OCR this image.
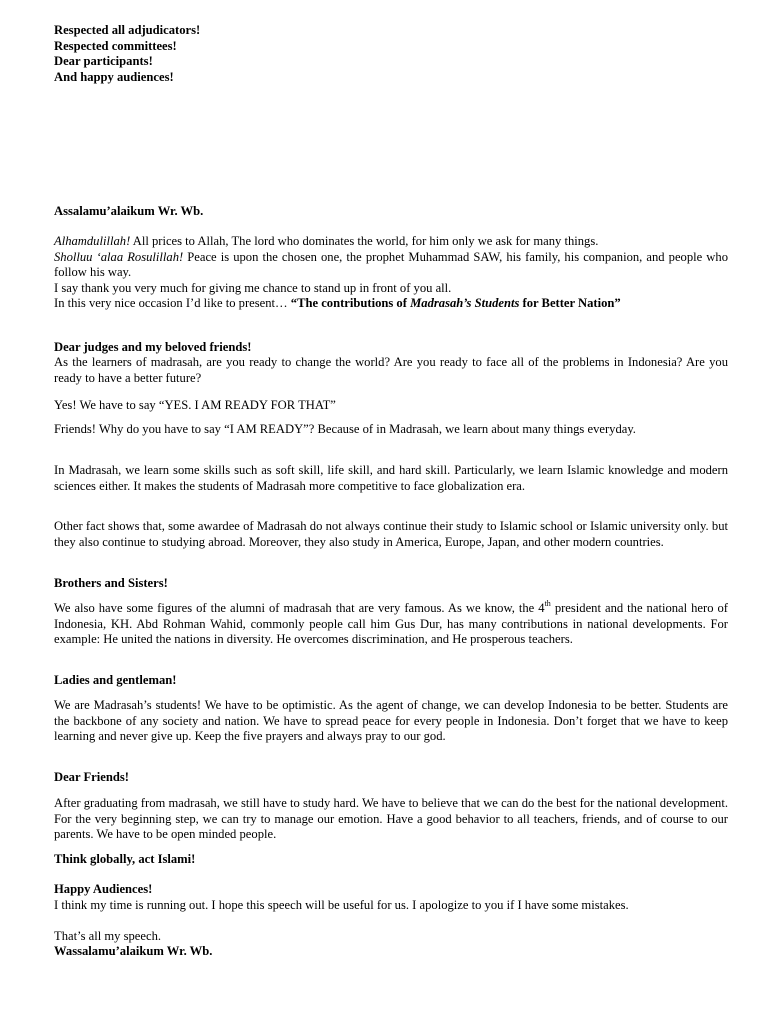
Respected all adjudicators!

Respected committees!

Dear participants!

And happy audiences!

Assalamu’alaikum Wr. Wb.

Alhamdulillah! All prices to Allah, The lord who dominates the world, for him only we ask for many things.

Sholluu ‘alaa Rosulillah! Peace is upon the chosen one, the prophet Muhammad SAW, his family, his companion, and people who follow his way.

I say thank you very much for giving me chance to stand up in front of you all.

In this very nice occasion I’d like to present… “The contributions of Madrasah’s Students for Better Nation”

Dear judges and my beloved friends!

As the learners of madrasah, are you ready to change the world? Are you ready to face all of the problems in Indonesia? Are you ready to have a better future?

Yes! We have to say “YES. I AM READY FOR THAT”

Friends! Why do you have to say “I AM READY”? Because of in Madrasah, we learn about many things everyday.

In Madrasah, we learn some skills such as soft skill, life skill, and hard skill. Particularly, we learn Islamic knowledge and modern sciences either. It makes the students of Madrasah more competitive to face globalization era.

Other fact shows that, some awardee of Madrasah do not always continue their study to Islamic school or Islamic university only. but they also continue to studying abroad. Moreover, they also study in America, Europe, Japan, and other modern countries.

Brothers and Sisters!

We also have some figures of the alumni of madrasah that are very famous. As we know, the 4th president and the national hero of Indonesia, KH. Abd Rohman Wahid, commonly people call him Gus Dur, has many contributions in national developments. For example: He united the nations in diversity. He overcomes discrimination, and He prosperous teachers.

Ladies and gentleman!

We are Madrasah’s students! We have to be optimistic. As the agent of change, we can develop Indonesia to be better. Students are the backbone of any society and nation. We have to spread peace for every people in Indonesia. Don’t forget that we have to keep learning and never give up. Keep the five prayers and always pray to our god.

Dear Friends!

After graduating from madrasah, we still have to study hard. We have to believe that we can do the best for the national development. For the very beginning step, we can try to manage our emotion. Have a good behavior to all teachers, friends, and of course to our parents. We have to be open minded people.

Think globally, act Islami!

Happy Audiences!

I think my time is running out. I hope this speech will be useful for us. I apologize to you if I have some mistakes.

That’s all my speech.

Wassalamu’alaikum Wr. Wb.
